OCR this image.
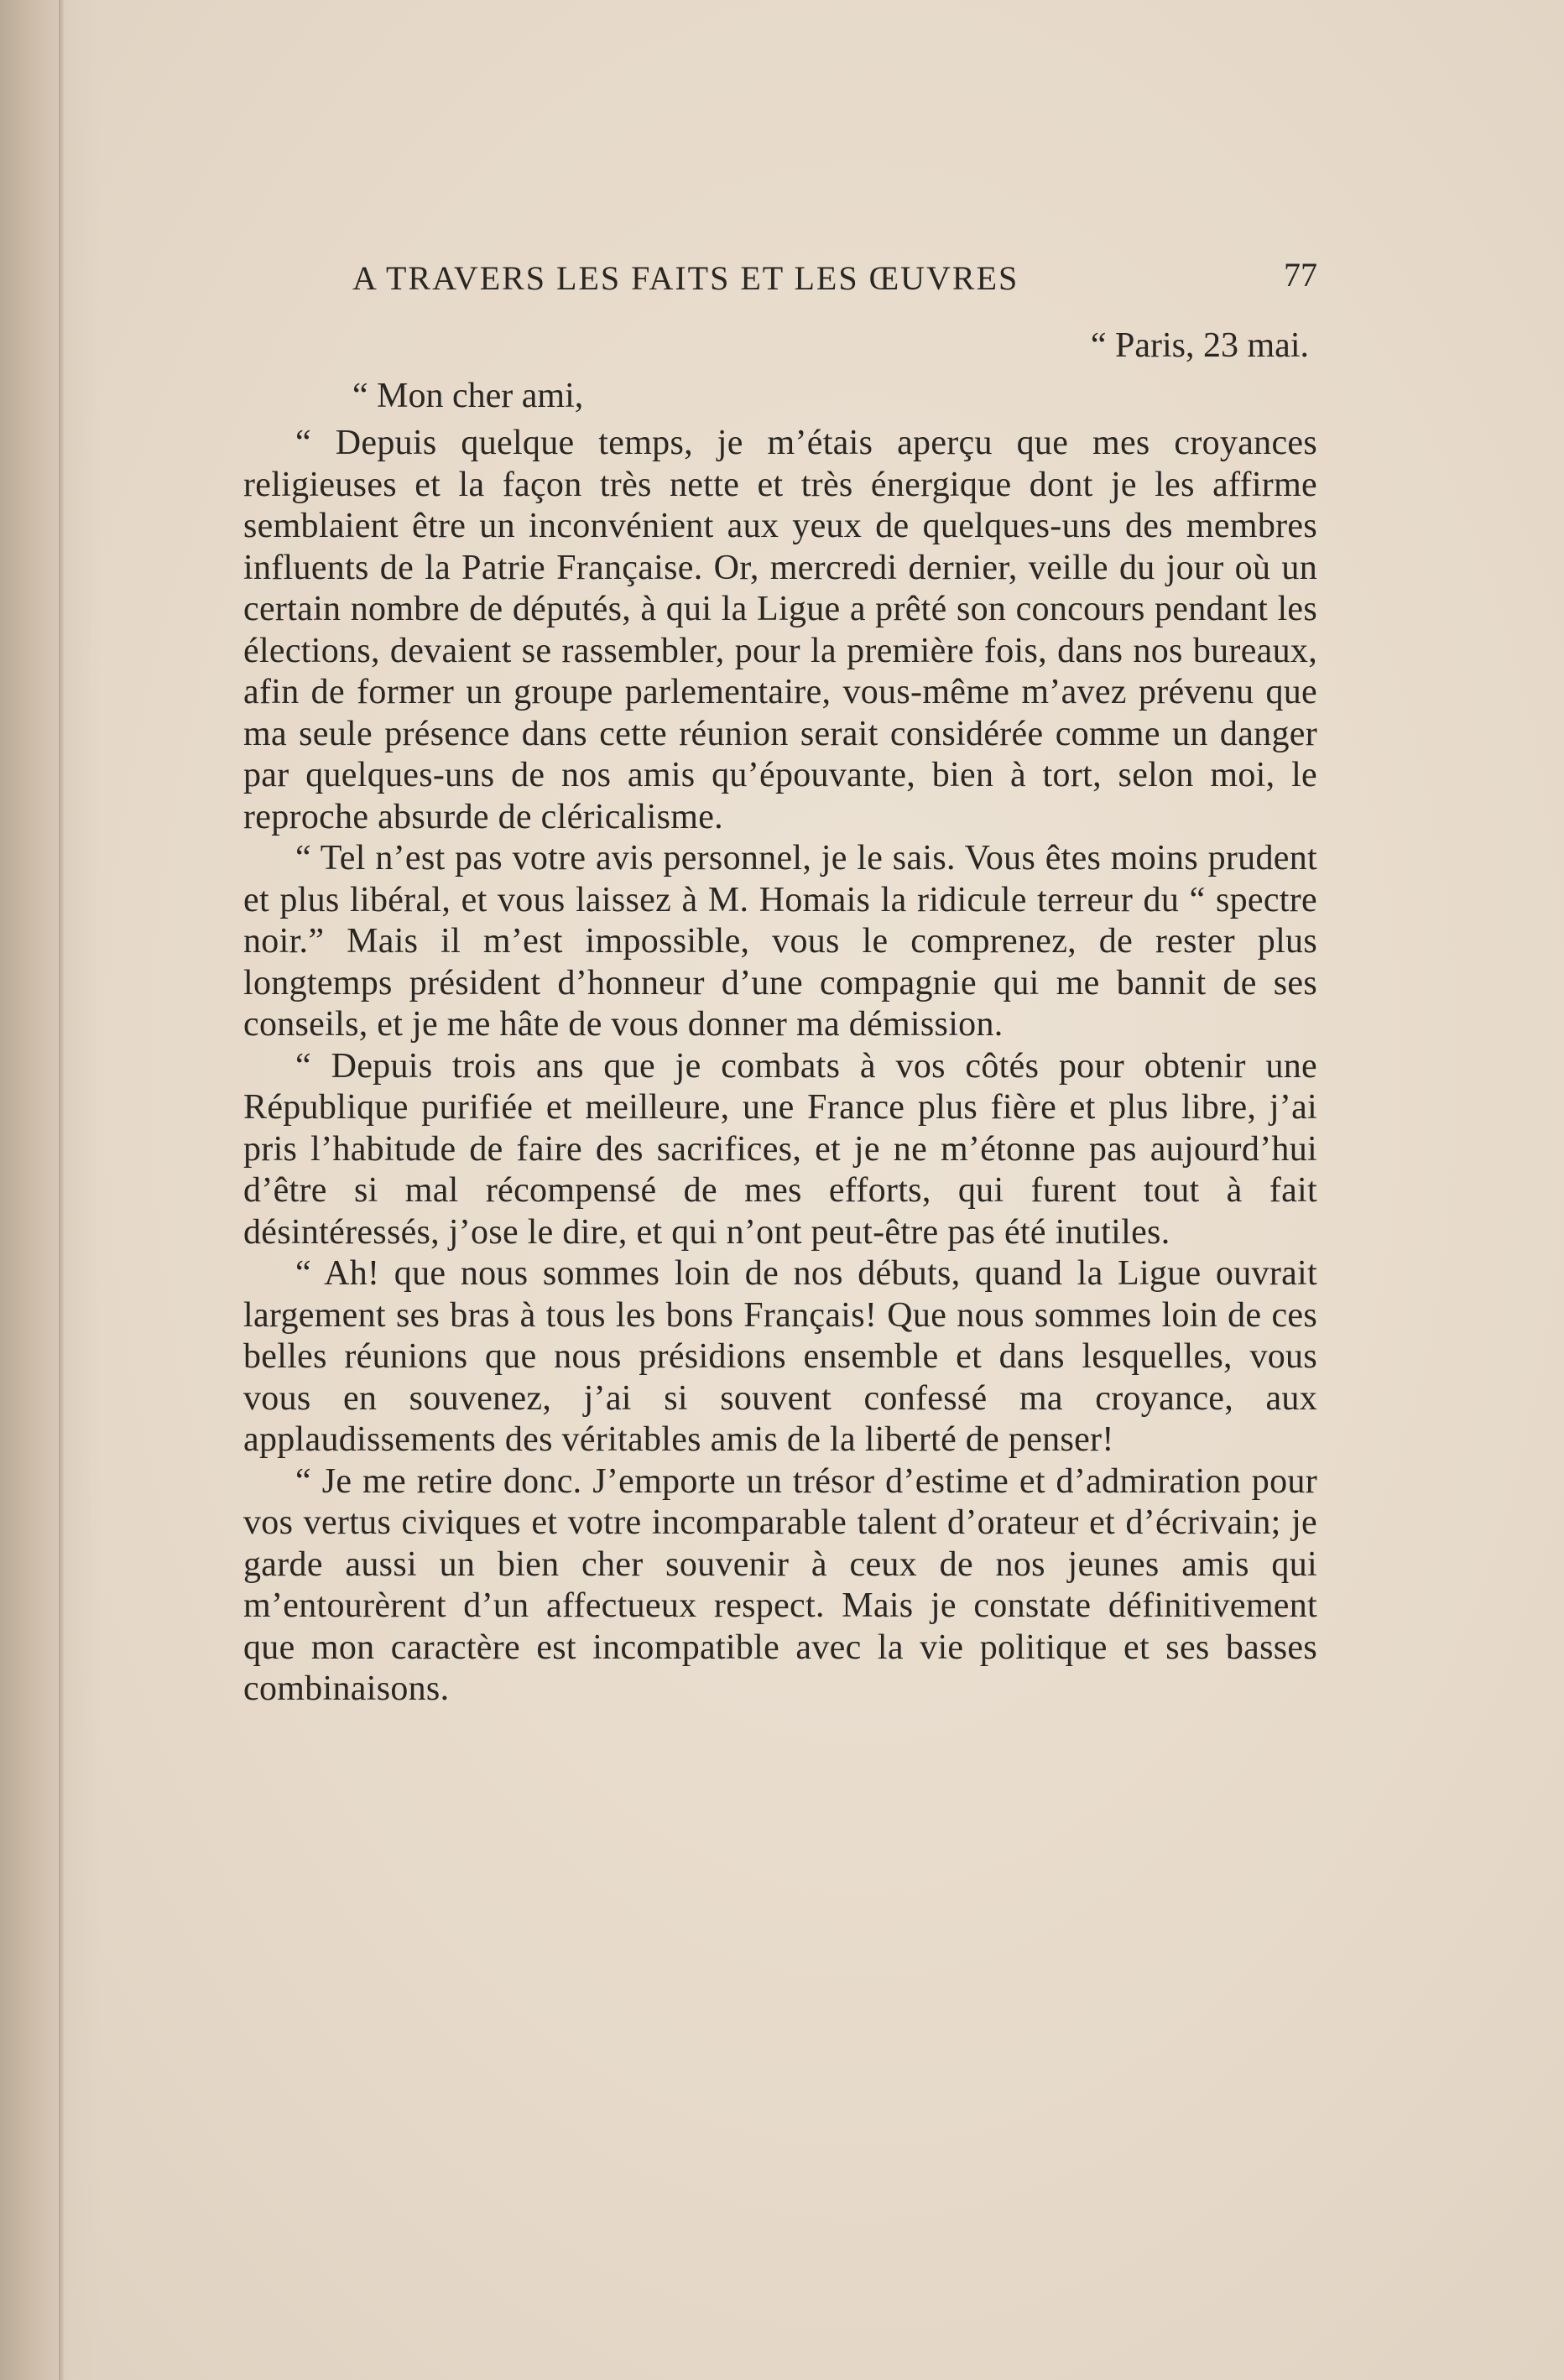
A TRAVERS LES FAITS ET LES ŒUVRES	77
“ Paris, 23 mai.
“ Mon cher ami,

“ Depuis quelque temps, je m’étais aperçu que mes croyances religieuses et la façon très nette et très énergique dont je les affirme semblaient être un inconvénient aux yeux de quelques-uns des membres influents de la Patrie Française. Or, mercredi dernier, veille du jour où un certain nombre de députés, à qui la Ligue a prêté son concours pendant les élections, devaient se rassembler, pour la première fois, dans nos bureaux, afin de former un groupe parlementaire, vous-même m’avez prévenu que ma seule présence dans cette réunion serait considérée comme un danger par quelques-uns de nos amis qu’épouvante, bien à tort, selon moi, le reproche absurde de cléricalisme.

“ Tel n’est pas votre avis personnel, je le sais. Vous êtes moins prudent et plus libéral, et vous laissez à M. Homais la ridicule terreur du “ spectre noir.” Mais il m’est impossible, vous le comprenez, de rester plus longtemps président d’honneur d’une compagnie qui me bannit de ses conseils, et je me hâte de vous donner ma démission.

“ Depuis trois ans que je combats à vos côtés pour obtenir une République purifiée et meilleure, une France plus fière et plus libre, j’ai pris l’habitude de faire des sacrifices, et je ne m’étonne pas aujourd’hui d’être si mal récompensé de mes efforts, qui furent tout à fait désintéressés, j’ose le dire, et qui n’ont peut-être pas été inutiles.

“ Ah! que nous sommes loin de nos débuts, quand la Ligue ouvrait largement ses bras à tous les bons Français! Que nous sommes loin de ces belles réunions que nous présidions ensemble et dans lesquelles, vous vous en souvenez, j’ai si souvent confessé ma croyance, aux applaudissements des véritables amis de la liberté de penser!

“ Je me retire donc. J’emporte un trésor d’estime et d’admiration pour vos vertus civiques et votre incomparable talent d’orateur et d’écrivain; je garde aussi un bien cher souvenir à ceux de nos jeunes amis qui m’entourèrent d’un affectueux respect. Mais je constate définitivement que mon caractère est incompatible avec la vie politique et ses basses combinaisons.
